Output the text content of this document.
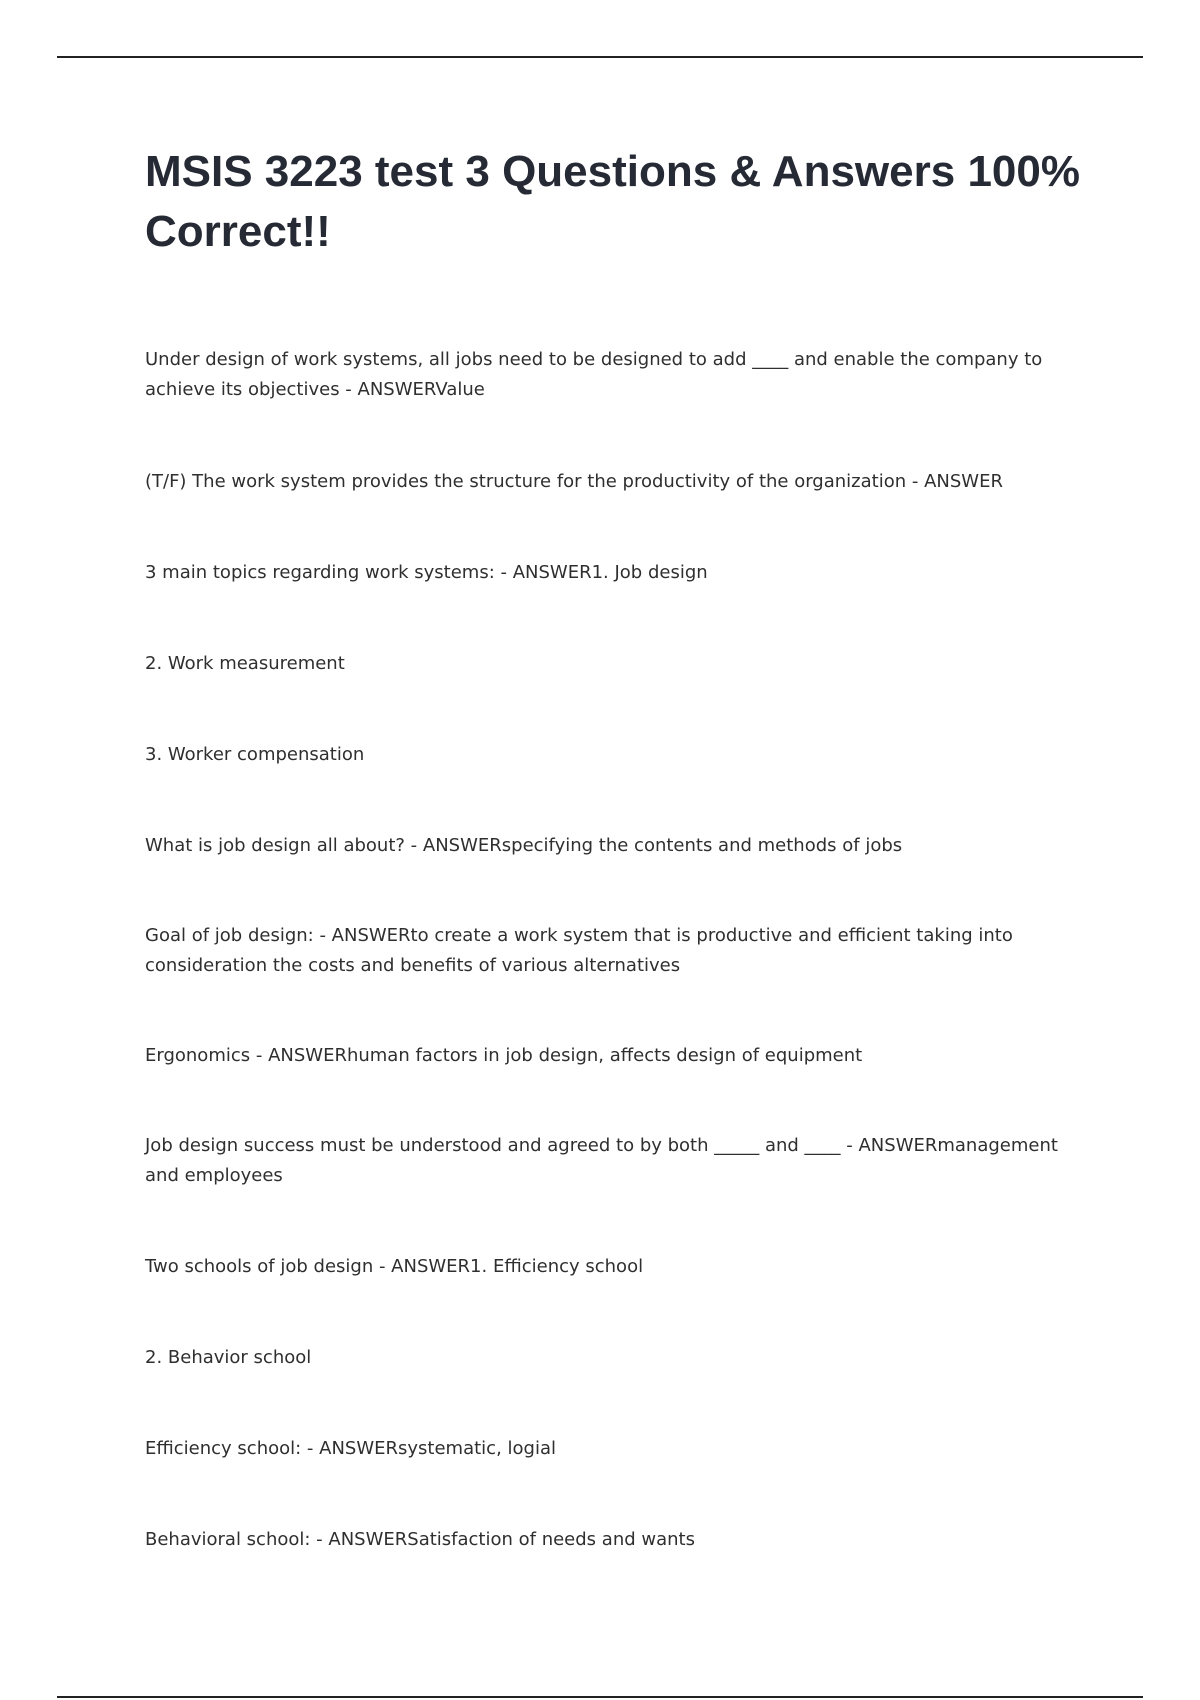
MSIS 3223 test 3 Questions & Answers 100% Correct!!

Under design of work systems, all jobs need to be designed to add ____ and enable the company to achieve its objectives - ANSWERValue

(T/F) The work system provides the structure for the productivity of the organization - ANSWER

3 main topics regarding work systems: - ANSWER1. Job design

2. Work measurement

3. Worker compensation

What is job design all about? - ANSWERspecifying the contents and methods of jobs

Goal of job design: - ANSWERto create a work system that is productive and efficient taking into consideration the costs and benefits of various alternatives

Ergonomics - ANSWERhuman factors in job design, affects design of equipment

Job design success must be understood and agreed to by both _____ and ____ - ANSWERmanagement and employees

Two schools of job design - ANSWER1. Efficiency school

2. Behavior school

Efficiency school: - ANSWERsystematic, logial

Behavioral school: - ANSWERSatisfaction of needs and wants
